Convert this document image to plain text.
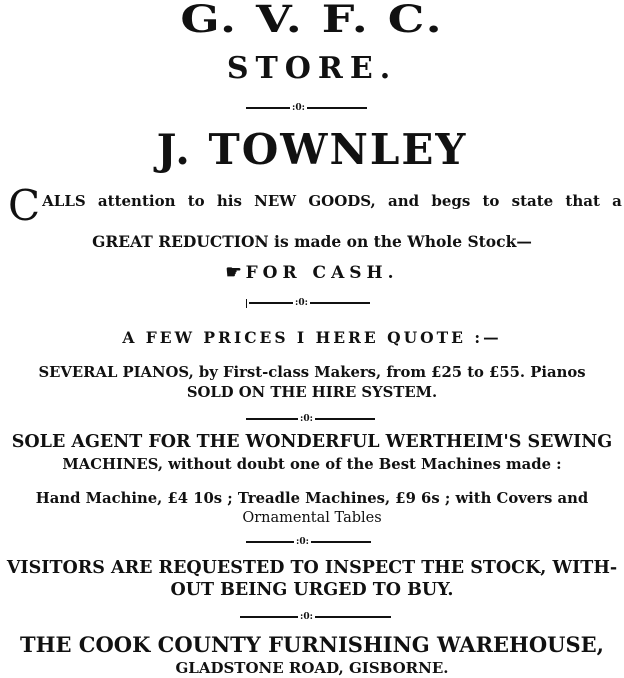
G. V. F. C.
STORE.
:0:
J. TOWNLEY
C ALLS attention to his NEW GOODS, and begs to state that a
GREAT REDUCTION is made on the Whole Stock—
☛ FOR CASH.
:0:
A FEW PRICES I HERE QUOTE :—
SEVERAL PIANOS, by First-class Makers, from £25 to £55. Pianos
SOLD ON THE HIRE SYSTEM.
:0:
SOLE AGENT FOR THE WONDERFUL WERTHEIM'S SEWING
MACHINES, without doubt one of the Best Machines made :
Hand Machine, £4 10s ; Treadle Machines, £9 6s ; with Covers and
Ornamental Tables
:0:
VISITORS ARE REQUESTED TO INSPECT THE STOCK, WITH-
OUT BEING URGED TO BUY.
:0:
THE COOK COUNTY FURNISHING WAREHOUSE,
GLADSTONE ROAD, GISBORNE.
